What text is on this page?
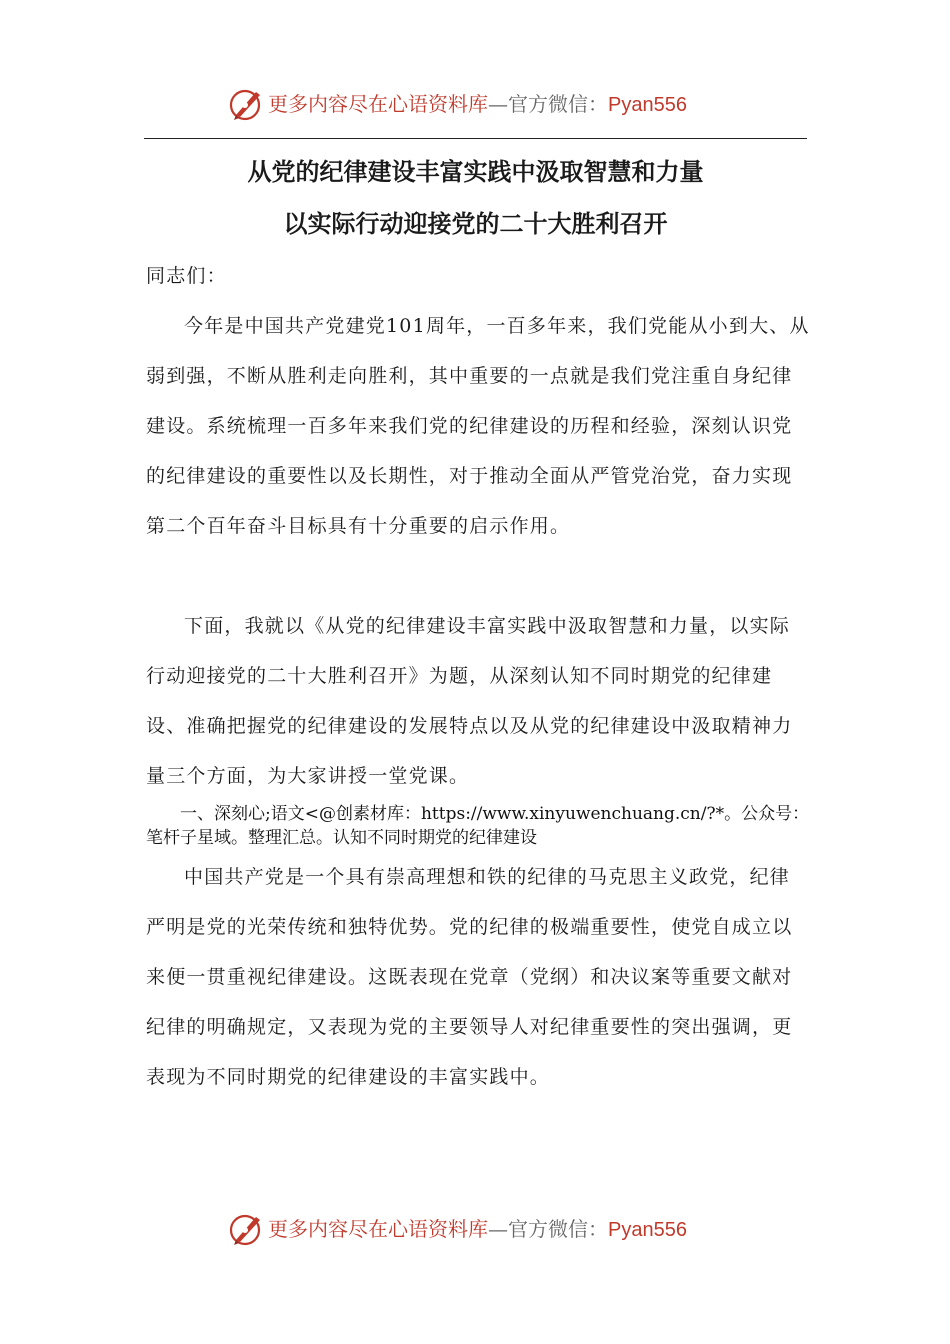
更多内容尽在心语资料库—官方微信：Pyan556
从党的纪律建设丰富实践中汲取智慧和力量
以实际行动迎接党的二十大胜利召开
同志们：
今年是中国共产党建党101周年，一百多年来，我们党能从小到大、从弱到强，不断从胜利走向胜利，其中重要的一点就是我们党注重自身纪律建设。系统梳理一百多年来我们党的纪律建设的历程和经验，深刻认识党的纪律建设的重要性以及长期性，对于推动全面从严管党治党，奋力实现第二个百年奋斗目标具有十分重要的启示作用。
下面，我就以《从党的纪律建设丰富实践中汲取智慧和力量，以实际行动迎接党的二十大胜利召开》为题，从深刻认知不同时期党的纪律建设、准确把握党的纪律建设的发展特点以及从党的纪律建设中汲取精神力量三个方面，为大家讲授一堂党课。
一、深刻心;语文<@创素材库：https://www.xinyuwenchuang.cn/?*。公众号：笔杆子星域。整理汇总。认知不同时期党的纪律建设
中国共产党是一个具有崇高理想和铁的纪律的马克思主义政党，纪律严明是党的光荣传统和独特优势。党的纪律的极端重要性，使党自成立以来便一贯重视纪律建设。这既表现在党章（党纲）和决议案等重要文献对纪律的明确规定，又表现为党的主要领导人对纪律重要性的突出强调，更表现为不同时期党的纪律建设的丰富实践中。
更多内容尽在心语资料库—官方微信：Pyan556
